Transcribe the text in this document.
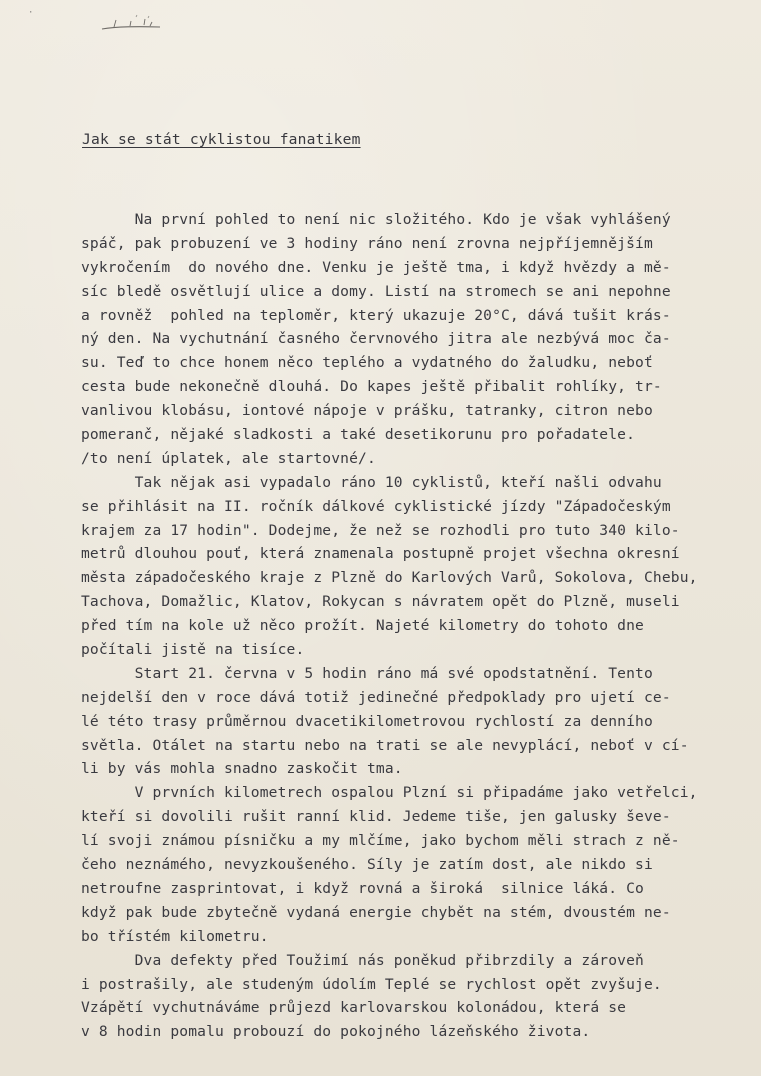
·
Jak se stát cyklistou fanatikem
Na první pohled to není nic složitého. Kdo je však vyhlášený
spáč, pak probuzení ve 3 hodiny ráno není zrovna nejpříjemnějším
vykročením  do nového dne. Venku je ještě tma, i když hvězdy a mě-
síc bledě osvětlují ulice a domy. Listí na stromech se ani nepohne
a rovněž  pohled na teploměr, který ukazuje 20°C, dává tušit krás-
ný den. Na vychutnání časného červnového jitra ale nezbývá moc ča-
su. Teď to chce honem něco teplého a vydatného do žaludku, neboť
cesta bude nekonečně dlouhá. Do kapes ještě přibalit rohlíky, tr-
vanlivou klobásu, iontové nápoje v prášku, tatranky, citron nebo
pomeranč, nějaké sladkosti a také desetikorunu pro pořadatele.
/to není úplatek, ale startovné/.
Tak nějak asi vypadalo ráno 10 cyklistů, kteří našli odvahu
se přihlásit na II. ročník dálkové cyklistické jízdy "Západočeským
krajem za 17 hodin". Dodejme, že než se rozhodli pro tuto 340 kilo-
metrů dlouhou pouť, která znamenala postupně projet všechna okresní
města západočeského kraje z Plzně do Karlových Varů, Sokolova, Chebu,
Tachova, Domažlic, Klatov, Rokycan s návratem opět do Plzně, museli
před tím na kole už něco prožít. Najeté kilometry do tohoto dne
počítali jistě na tisíce.
Start 21. června v 5 hodin ráno má své opodstatnění. Tento
nejdelší den v roce dává totiž jedinečné předpoklady pro ujetí ce-
lé této trasy průměrnou dvacetikilometrovou rychlostí za denního
světla. Otálet na startu nebo na trati se ale nevyplácí, neboť v cí-
li by vás mohla snadno zaskočit tma.
V prvních kilometrech ospalou Plzní si připadáme jako vetřelci,
kteří si dovolili rušit ranní klid. Jedeme tiše, jen galusky ševe-
lí svoji známou písničku a my mlčíme, jako bychom měli strach z ně-
čeho neznámého, nevyzkoušeného. Síly je zatím dost, ale nikdo si
netroufne zasprintovat, i když rovná a široká  silnice láká. Co
když pak bude zbytečně vydaná energie chybět na stém, dvoustém ne-
bo třístém kilometru.
Dva defekty před Toužimí nás poněkud přibrzdily a zároveň
i postrašily, ale studeným údolím Teplé se rychlost opět zvyšuje.
Vzápětí vychutnáváme průjezd karlovarskou kolonádou, která se
v 8 hodin pomalu probouzí do pokojného lázeňského života.
